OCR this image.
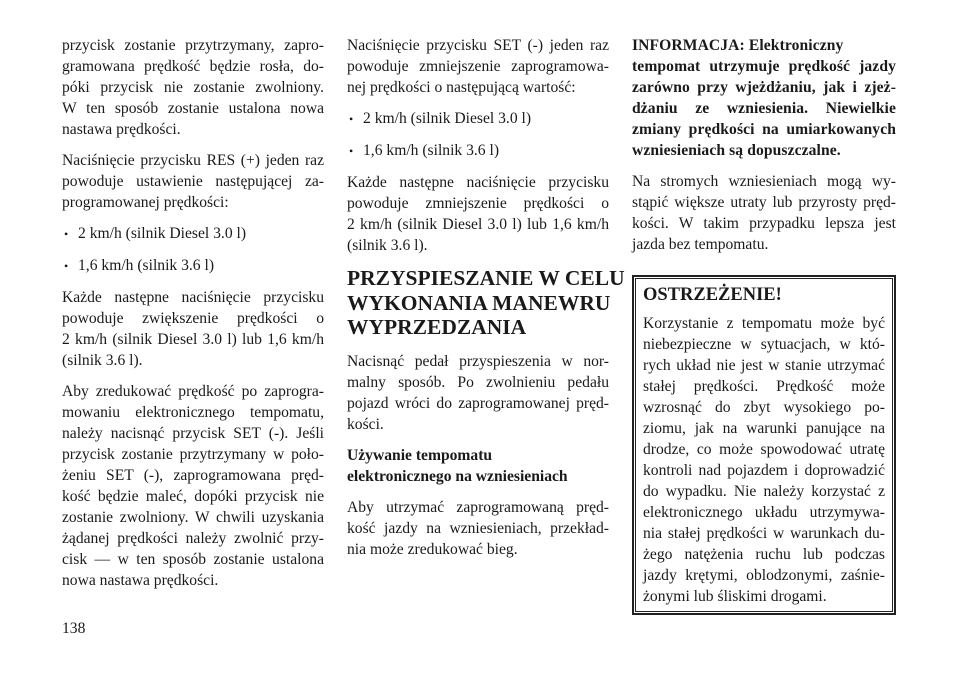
przycisk zostanie przytrzymany, zapro-
gramowana prędkość będzie rosła, do-
póki przycisk nie zostanie zwolniony.
W ten sposób zostanie ustalona nowa
nastawa prędkości.
Naciśnięcie przycisku RES (+) jeden raz
powoduje ustawienie następującej za-
programowanej prędkości:
• 2 km/h (silnik Diesel 3.0 l)
• 1,6 km/h (silnik 3.6 l)
Każde następne naciśnięcie przycisku
powoduje zwiększenie prędkości o
2 km/h (silnik Diesel 3.0 l) lub 1,6 km/h
(silnik 3.6 l).
Aby zredukować prędkość po zaprogra-
mowaniu elektronicznego tempomatu,
należy nacisnąć przycisk SET (-). Jeśli
przycisk zostanie przytrzymany w poło-
żeniu SET (-), zaprogramowana pręd-
kość będzie maleć, dopóki przycisk nie
zostanie zwolniony. W chwili uzyskania
żądanej prędkości należy zwolnić przy-
cisk — w ten sposób zostanie ustalona
nowa nastawa prędkości.
Naciśnięcie przycisku SET (-) jeden raz
powoduje zmniejszenie zaprogramowa-
nej prędkości o następującą wartość:
• 2 km/h (silnik Diesel 3.0 l)
• 1,6 km/h (silnik 3.6 l)
Każde następne naciśnięcie przycisku
powoduje zmniejszenie prędkości o
2 km/h (silnik Diesel 3.0 l) lub 1,6 km/h
(silnik 3.6 l).
PRZYSPIESZANIE W CELU
WYKONANIA MANEWRU
WYPRZEDZANIA
Nacisnąć pedał przyspieszenia w nor-
malny sposób. Po zwolnieniu pedału
pojazd wróci do zaprogramowanej pręd-
kości.
Używanie tempomatu
elektronicznego na wzniesieniach
Aby utrzymać zaprogramowaną pręd-
kość jazdy na wzniesieniach, przekład-
nia może zredukować bieg.
INFORMACJA: Elektroniczny
tempomat utrzymuje prędkość jazdy
zarówno przy wjeżdżaniu, jak i zjeż-
dżaniu ze wzniesienia. Niewielkie
zmiany prędkości na umiarkowanych
wzniesieniach są dopuszczalne.
Na stromych wzniesieniach mogą wy-
stąpić większe utraty lub przyrosty pręd-
kości. W takim przypadku lepsza jest
jazda bez tempomatu.
OSTRZEŻENIE!
Korzystanie z tempomatu może być
niebezpieczne w sytuacjach, w któ-
rych układ nie jest w stanie utrzymać
stałej prędkości. Prędkość może
wzrosnąć do zbyt wysokiego po-
ziomu, jak na warunki panujące na
drodze, co może spowodować utratę
kontroli nad pojazdem i doprowadzić
do wypadku. Nie należy korzystać z
elektronicznego układu utrzymywa-
nia stałej prędkości w warunkach du-
żego natężenia ruchu lub podczas
jazdy krętymi, oblodzonymi, zaśnie-
żonymi lub śliskimi drogami.
138
